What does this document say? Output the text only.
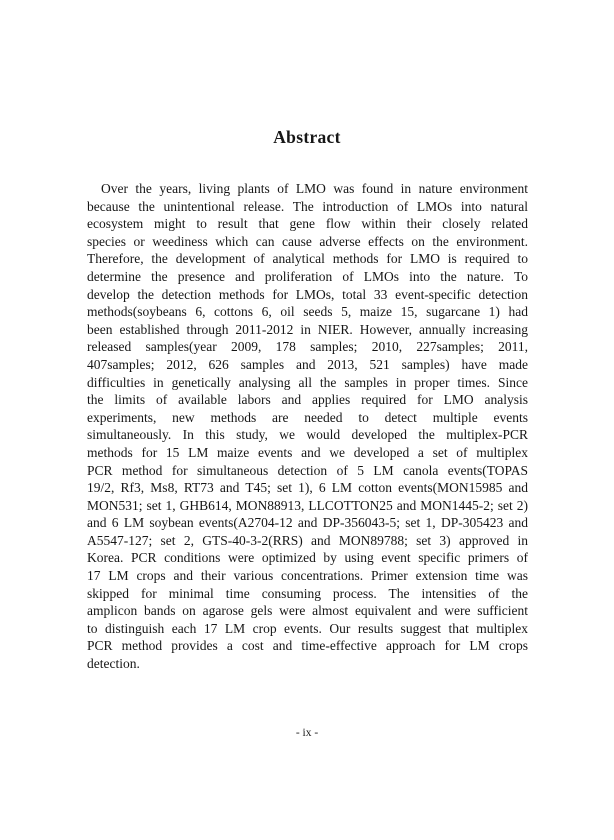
Abstract
Over the years, living plants of LMO was found in nature environment
because the unintentional release. The introduction of LMOs into natural
ecosystem might to result that gene flow within their closely related
species or weediness which can cause adverse effects on the environment.
Therefore, the development of analytical methods for LMO is required to
determine the presence and proliferation of LMOs into the nature. To
develop the detection methods for LMOs, total 33 event-specific detection
methods(soybeans 6, cottons 6, oil seeds 5, maize 15, sugarcane 1) had
been established through 2011-2012 in NIER. However, annually increasing
released samples(year 2009, 178 samples; 2010, 227samples; 2011,
407samples; 2012, 626 samples and 2013, 521 samples) have made
difficulties in genetically analysing all the samples in proper times. Since
the limits of available labors and applies required for LMO analysis
experiments, new methods are needed to detect multiple events
simultaneously. In this study, we would developed the multiplex-PCR
methods for 15 LM maize events and we developed a set of multiplex
PCR method for simultaneous detection of 5 LM canola events(TOPAS
19/2, Rf3, Ms8, RT73 and T45; set 1), 6 LM cotton events(MON15985 and
MON531; set 1, GHB614, MON88913, LLCOTTON25 and MON1445-2; set 2)
and 6 LM soybean events(A2704-12 and DP-356043-5; set 1, DP-305423 and
A5547-127; set 2, GTS-40-3-2(RRS) and MON89788; set 3) approved in
Korea. PCR conditions were optimized by using event specific primers of
17 LM crops and their various concentrations. Primer extension time was
skipped for minimal time consuming process. The intensities of the
amplicon bands on agarose gels were almost equivalent and were sufficient
to distinguish each 17 LM crop events. Our results suggest that multiplex
PCR method provides a cost and time-effective approach for LM crops
detection.
- ix -
